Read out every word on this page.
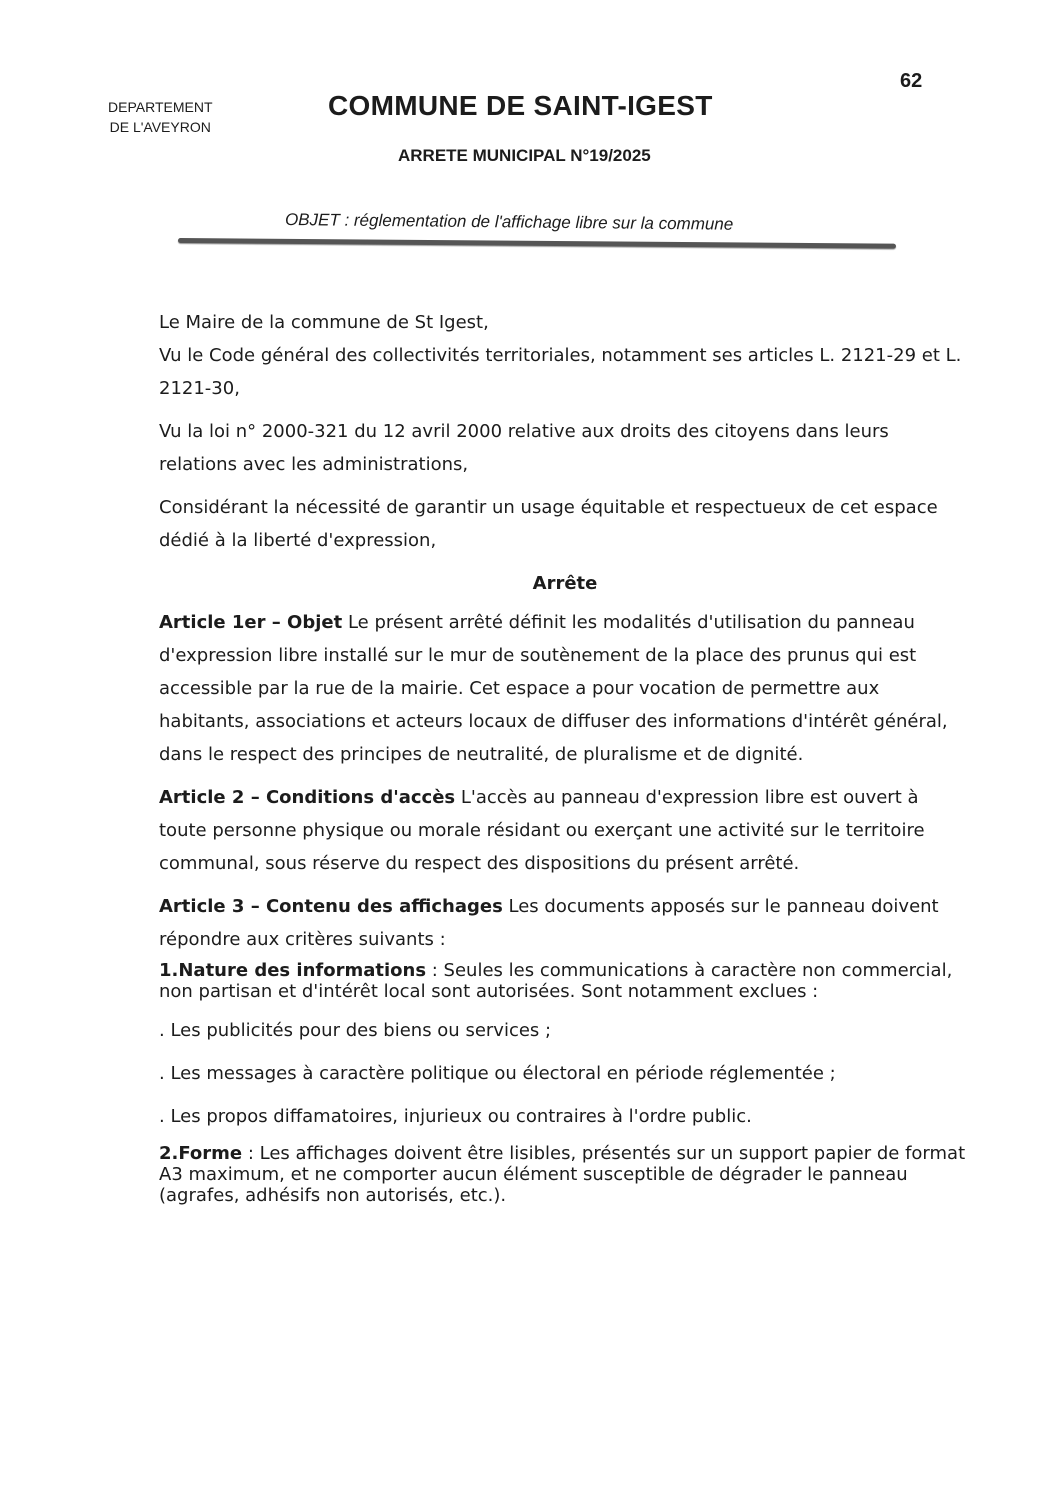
62
DEPARTEMENT
DE L'AVEYRON
COMMUNE DE SAINT-IGEST
ARRETE MUNICIPAL N°19/2025
OBJET : réglementation de l'affichage libre sur la commune

Le Maire de la commune de St Igest,

Vu le Code général des collectivités territoriales, notamment ses articles L. 2121-29 et L. 2121-30,

Vu la loi n° 2000-321 du 12 avril 2000 relative aux droits des citoyens dans leurs relations avec les administrations,

Considérant la nécessité de garantir un usage équitable et respectueux de cet espace dédié à la liberté d'expression,

Arrête

Article 1er – Objet Le présent arrêté définit les modalités d'utilisation du panneau d'expression libre installé sur le mur de soutènement de la place des prunus qui est accessible par la rue de la mairie. Cet espace a pour vocation de permettre aux habitants, associations et acteurs locaux de diffuser des informations d'intérêt général, dans le respect des principes de neutralité, de pluralisme et de dignité.

Article 2 – Conditions d'accès L'accès au panneau d'expression libre est ouvert à toute personne physique ou morale résidant ou exerçant une activité sur le territoire communal, sous réserve du respect des dispositions du présent arrêté.

Article 3 – Contenu des affichages Les documents apposés sur le panneau doivent répondre aux critères suivants :

1.Nature des informations : Seules les communications à caractère non commercial, non partisan et d'intérêt local sont autorisées. Sont notamment exclues :

. Les publicités pour des biens ou services ;

. Les messages à caractère politique ou électoral en période réglementée ;

. Les propos diffamatoires, injurieux ou contraires à l'ordre public.

2.Forme : Les affichages doivent être lisibles, présentés sur un support papier de format A3 maximum, et ne comporter aucun élément susceptible de dégrader le panneau (agrafes, adhésifs non autorisés, etc.).
